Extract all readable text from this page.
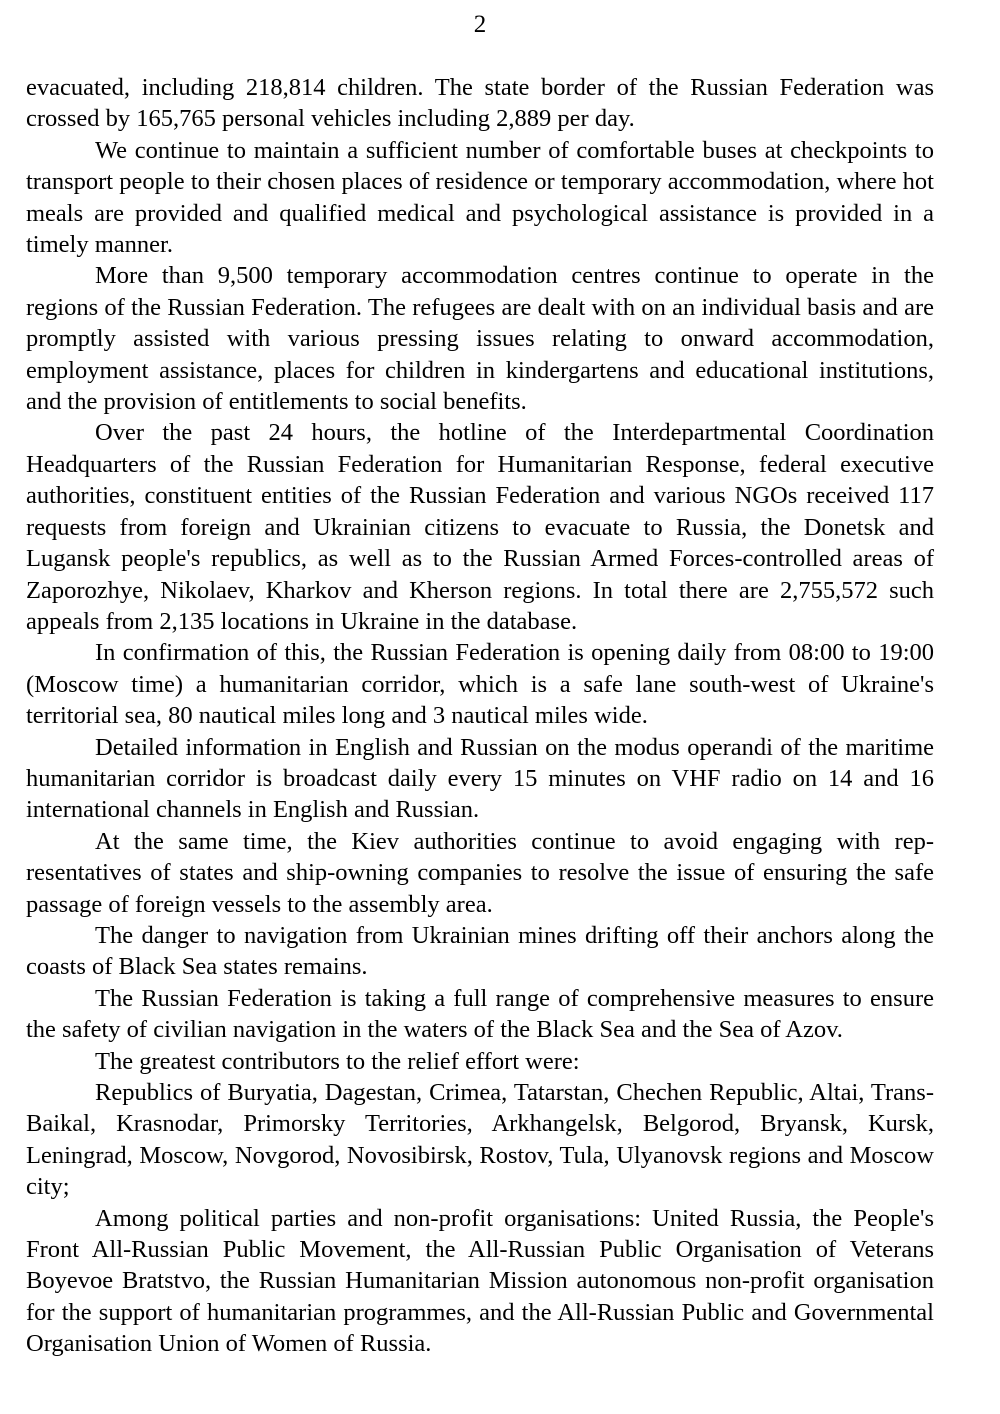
2

evacuated, including 218,814 children. The state border of the Russian Federation was crossed by 165,765 personal vehicles including 2,889 per day.

We continue to maintain a sufficient number of comfortable buses at checkpoints to transport people to their chosen places of residence or temporary accommodation, where hot meals are provided and qualified medical and psychological assistance is provided in a timely manner.

More than 9,500 temporary accommodation centres continue to operate in the regions of the Russian Federation. The refugees are dealt with on an individual basis and are promptly assisted with various pressing issues relating to onward accommodation, employment assistance, places for children in kindergartens and educational institutions, and the provision of entitlements to social benefits.

Over the past 24 hours, the hotline of the Interdepartmental Coordination Headquarters of the Russian Federation for Humanitarian Response, federal executive authorities, constituent entities of the Russian Federation and various NGOs received 117 requests from foreign and Ukrainian citizens to evacuate to Russia, the Donetsk and Lugansk people's republics, as well as to the Russian Armed Forces-controlled areas of Zaporozhye, Nikolaev, Kharkov and Kherson regions. In total there are 2,755,572 such appeals from 2,135 locations in Ukraine in the database.

In confirmation of this, the Russian Federation is opening daily from 08:00 to 19:00 (Moscow time) a humanitarian corridor, which is a safe lane south-west of Ukraine's territorial sea, 80 nautical miles long and 3 nautical miles wide.

Detailed information in English and Russian on the modus operandi of the maritime humanitarian corridor is broadcast daily every 15 minutes on VHF radio on 14 and 16 international channels in English and Russian.

At the same time, the Kiev authorities continue to avoid engaging with representatives of states and ship-owning companies to resolve the issue of ensuring the safe passage of foreign vessels to the assembly area.

The danger to navigation from Ukrainian mines drifting off their anchors along the coasts of Black Sea states remains.

The Russian Federation is taking a full range of comprehensive measures to ensure the safety of civilian navigation in the waters of the Black Sea and the Sea of Azov.

The greatest contributors to the relief effort were:

Republics of Buryatia, Dagestan, Crimea, Tatarstan, Chechen Republic, Altai, Trans-Baikal, Krasnodar, Primorsky Territories, Arkhangelsk, Belgorod, Bryansk, Kursk, Leningrad, Moscow, Novgorod, Novosibirsk, Rostov, Tula, Ulyanovsk regions and Moscow city;

Among political parties and non-profit organisations: United Russia, the People's Front All-Russian Public Movement, the All-Russian Public Organisation of Veterans Boyevoe Bratstvo, the Russian Humanitarian Mission autonomous non-profit organisation for the support of humanitarian programmes, and the All-Russian Public and Governmental Organisation Union of Women of Russia.
